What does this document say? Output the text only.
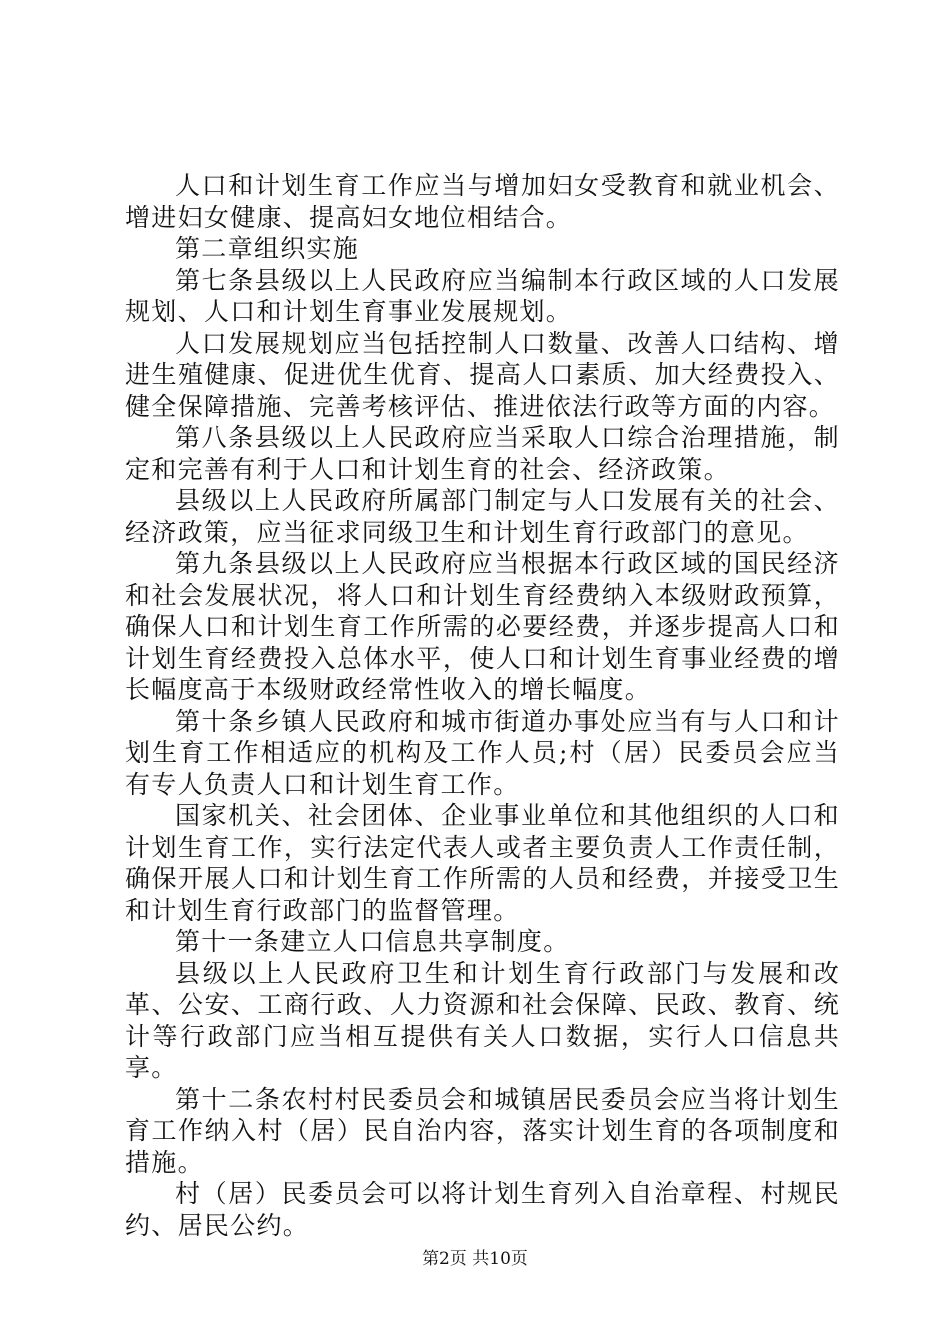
人口和计划生育工作应当与增加妇女受教育和就业机会、增进妇女健康、提高妇女地位相结合。

第二章组织实施

第七条县级以上人民政府应当编制本行政区域的人口发展规划、人口和计划生育事业发展规划。

人口发展规划应当包括控制人口数量、改善人口结构、增进生殖健康、促进优生优育、提高人口素质、加大经费投入、健全保障措施、完善考核评估、推进依法行政等方面的内容。

第八条县级以上人民政府应当采取人口综合治理措施，制定和完善有利于人口和计划生育的社会、经济政策。

县级以上人民政府所属部门制定与人口发展有关的社会、经济政策，应当征求同级卫生和计划生育行政部门的意见。

第九条县级以上人民政府应当根据本行政区域的国民经济和社会发展状况，将人口和计划生育经费纳入本级财政预算，确保人口和计划生育工作所需的必要经费，并逐步提高人口和计划生育经费投入总体水平，使人口和计划生育事业经费的增长幅度高于本级财政经常性收入的增长幅度。

第十条乡镇人民政府和城市街道办事处应当有与人口和计划生育工作相适应的机构及工作人员;村（居）民委员会应当有专人负责人口和计划生育工作。

国家机关、社会团体、企业事业单位和其他组织的人口和计划生育工作，实行法定代表人或者主要负责人工作责任制，确保开展人口和计划生育工作所需的人员和经费，并接受卫生和计划生育行政部门的监督管理。

第十一条建立人口信息共享制度。

县级以上人民政府卫生和计划生育行政部门与发展和改革、公安、工商行政、人力资源和社会保障、民政、教育、统计等行政部门应当相互提供有关人口数据，实行人口信息共享。

第十二条农村村民委员会和城镇居民委员会应当将计划生育工作纳入村（居）民自治内容，落实计划生育的各项制度和措施。

村（居）民委员会可以将计划生育列入自治章程、村规民约、居民公约。

第2页 共10页
